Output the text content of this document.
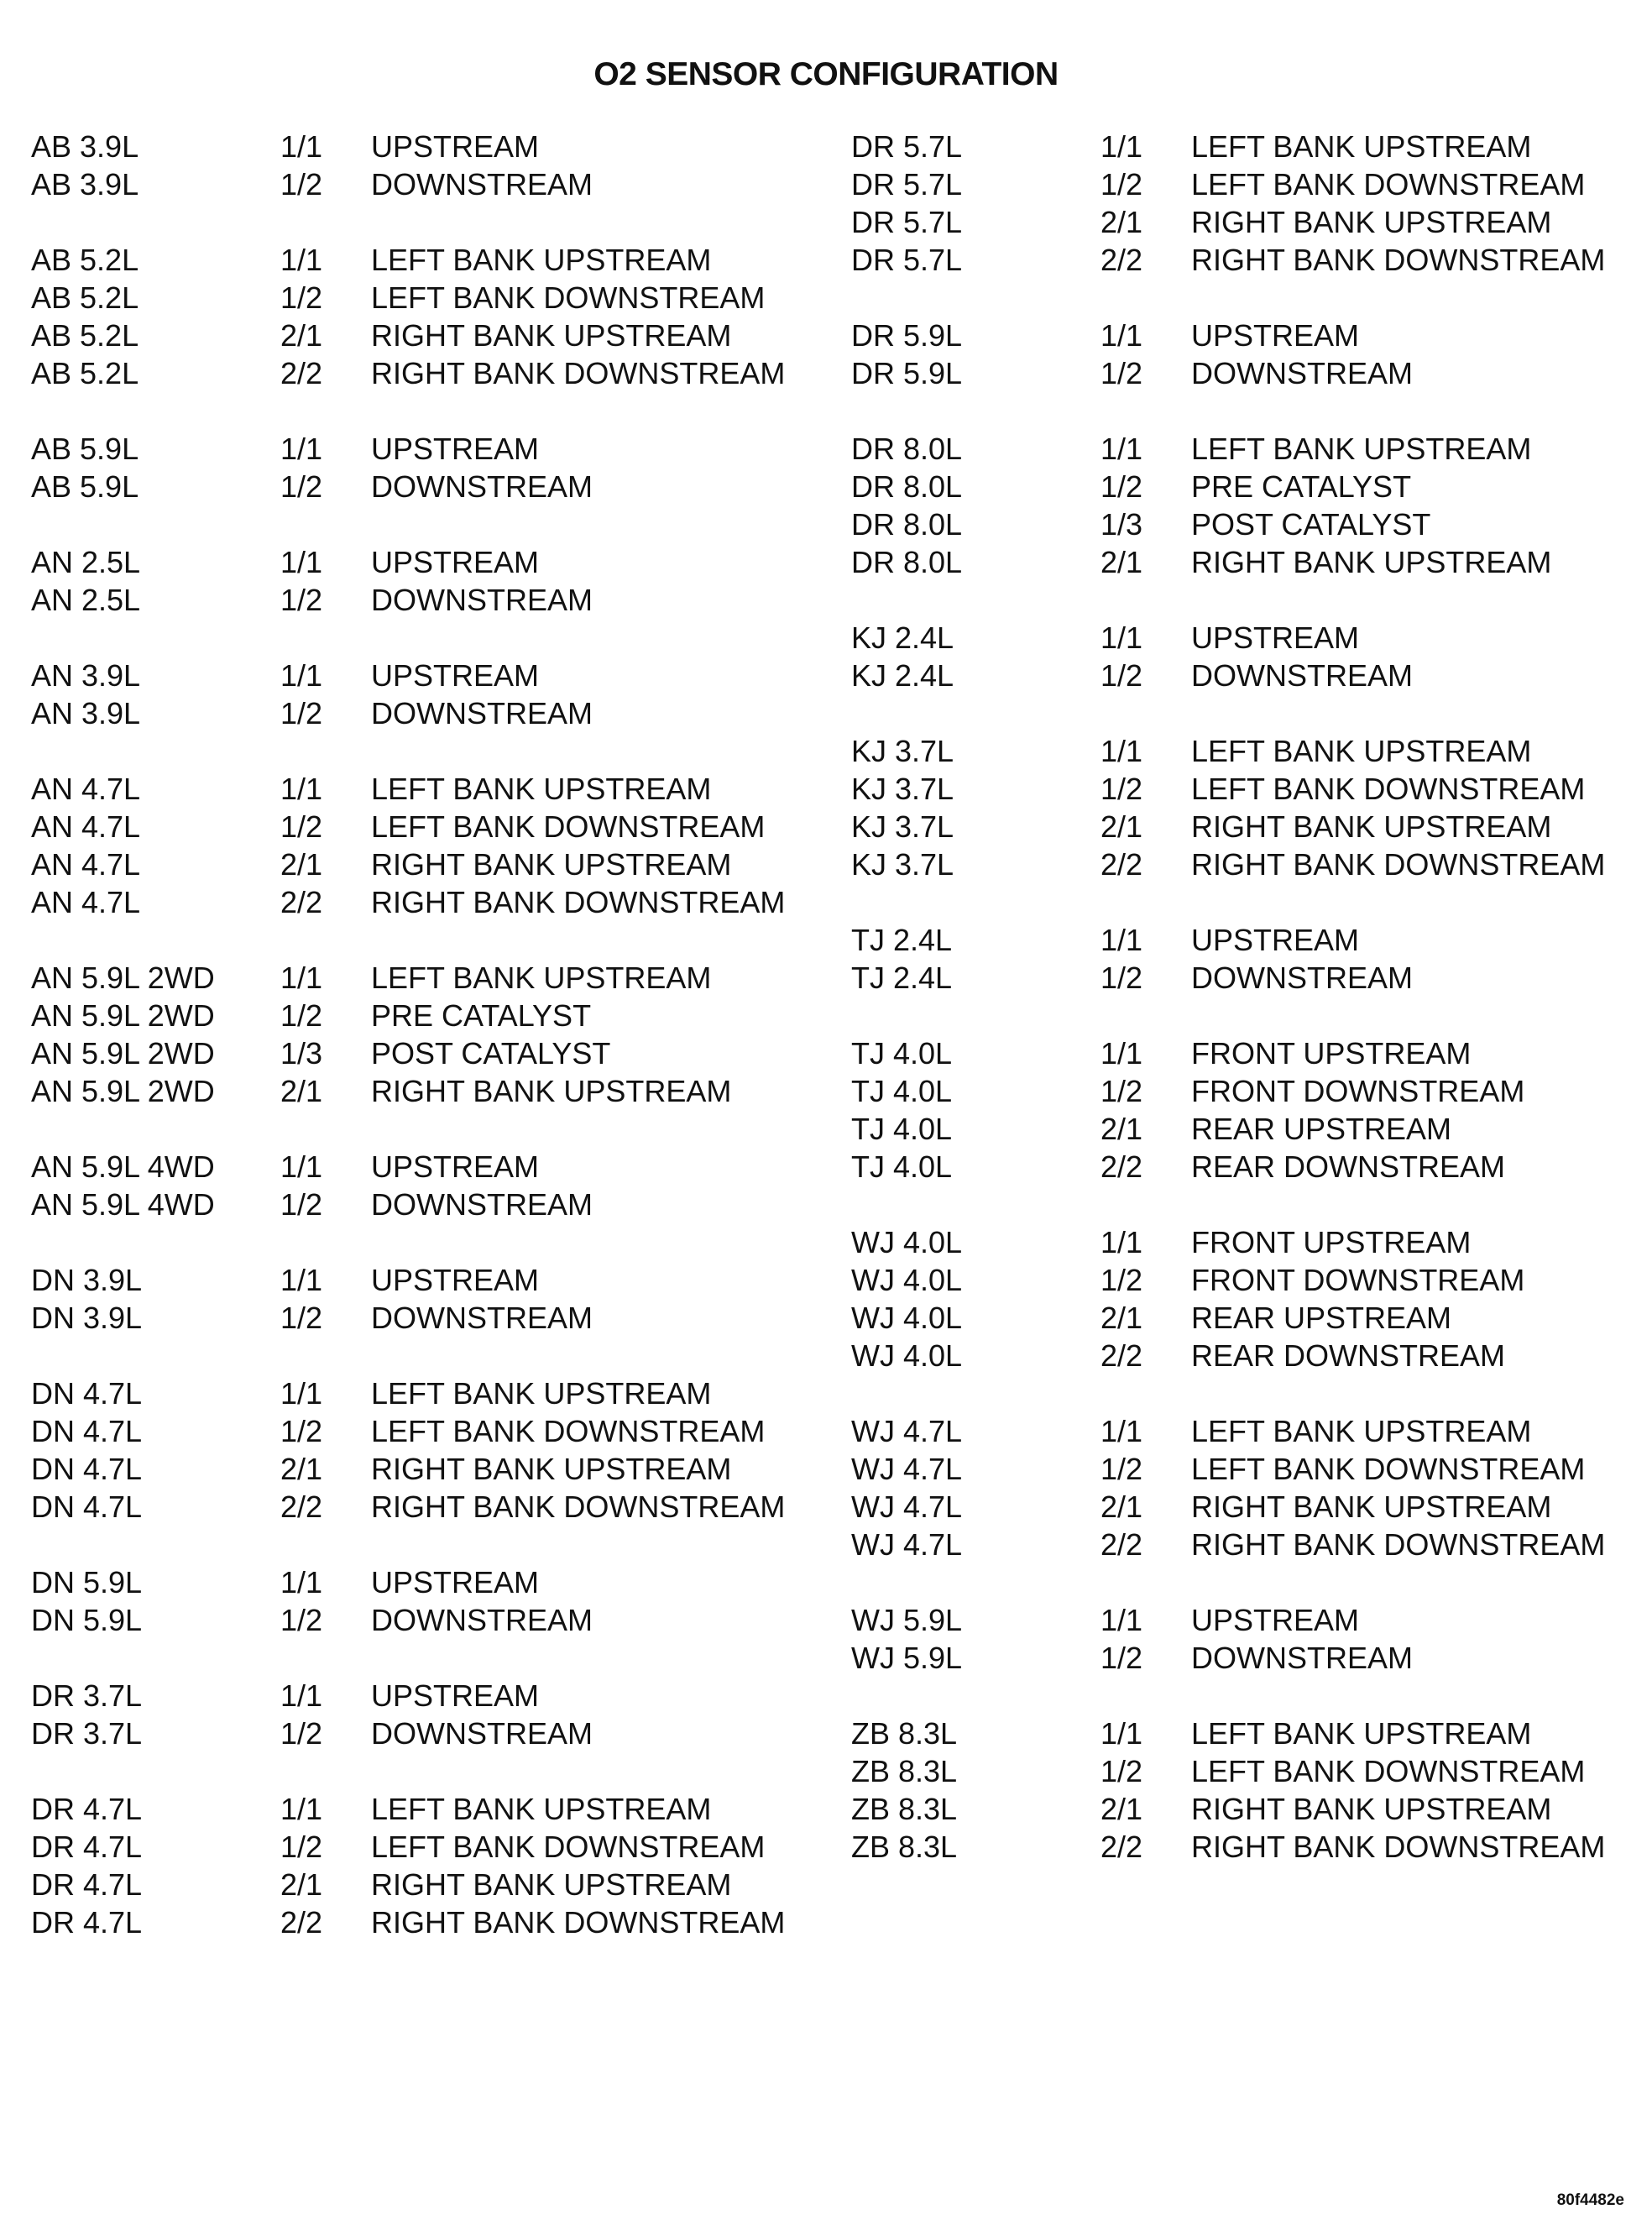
O2 SENSOR CONFIGURATION
AB 3.9L	1/1 UPSTREAM
AB 3.9L	1/2 DOWNSTREAM
AB 5.2L	1/1 LEFT BANK UPSTREAM
AB 5.2L	1/2 LEFT BANK DOWNSTREAM
AB 5.2L	2/1 RIGHT BANK UPSTREAM
AB 5.2L	2/2 RIGHT BANK DOWNSTREAM
AB 5.9L	1/1 UPSTREAM
AB 5.9L	1/2 DOWNSTREAM
AN 2.5L	1/1 UPSTREAM
AN 2.5L	1/2 DOWNSTREAM
AN 3.9L	1/1 UPSTREAM
AN 3.9L	1/2 DOWNSTREAM
AN 4.7L	1/1 LEFT BANK UPSTREAM
AN 4.7L	1/2 LEFT BANK DOWNSTREAM
AN 4.7L	2/1 RIGHT BANK UPSTREAM
AN 4.7L	2/2 RIGHT BANK DOWNSTREAM
AN 5.9L 2WD 1/1 LEFT BANK UPSTREAM
AN 5.9L 2WD 1/2 PRE CATALYST
AN 5.9L 2WD 1/3 POST CATALYST
AN 5.9L 2WD 2/1 RIGHT BANK UPSTREAM
AN 5.9L 4WD 1/1 UPSTREAM
AN 5.9L 4WD 1/2 DOWNSTREAM
DN 3.9L	1/1 UPSTREAM
DN 3.9L	1/2 DOWNSTREAM
DN 4.7L	1/1 LEFT BANK UPSTREAM
DN 4.7L	1/2 LEFT BANK DOWNSTREAM
DN 4.7L	2/1 RIGHT BANK UPSTREAM
DN 4.7L	2/2 RIGHT BANK DOWNSTREAM
DN 5.9L	1/1 UPSTREAM
DN 5.9L	1/2 DOWNSTREAM
DR 3.7L	1/1 UPSTREAM
DR 3.7L	1/2 DOWNSTREAM
DR 4.7L	1/1 LEFT BANK UPSTREAM
DR 4.7L	1/2 LEFT BANK DOWNSTREAM
DR 4.7L	2/1 RIGHT BANK UPSTREAM
DR 4.7L	2/2 RIGHT BANK DOWNSTREAM
DR 5.7L	1/1 LEFT BANK UPSTREAM
DR 5.7L	1/2 LEFT BANK DOWNSTREAM
DR 5.7L	2/1 RIGHT BANK UPSTREAM
DR 5.7L	2/2 RIGHT BANK DOWNSTREAM
DR 5.9L	1/1 UPSTREAM
DR 5.9L	1/2 DOWNSTREAM
DR 8.0L	1/1 LEFT BANK UPSTREAM
DR 8.0L	1/2 PRE CATALYST
DR 8.0L	1/3 POST CATALYST
DR 8.0L	2/1 RIGHT BANK UPSTREAM
KJ 2.4L	1/1 UPSTREAM
KJ 2.4L	1/2 DOWNSTREAM
KJ 3.7L	1/1 LEFT BANK UPSTREAM
KJ 3.7L	1/2 LEFT BANK DOWNSTREAM
KJ 3.7L	2/1 RIGHT BANK UPSTREAM
KJ 3.7L	2/2 RIGHT BANK DOWNSTREAM
TJ 2.4L	1/1 UPSTREAM
TJ 2.4L	1/2 DOWNSTREAM
TJ 4.0L	1/1 FRONT UPSTREAM
TJ 4.0L	1/2 FRONT DOWNSTREAM
TJ 4.0L	2/1 REAR UPSTREAM
TJ 4.0L	2/2 REAR DOWNSTREAM
WJ 4.0L	1/1 FRONT UPSTREAM
WJ 4.0L	1/2 FRONT DOWNSTREAM
WJ 4.0L	2/1 REAR UPSTREAM
WJ 4.0L	2/2 REAR DOWNSTREAM
WJ 4.7L	1/1 LEFT BANK UPSTREAM
WJ 4.7L	1/2 LEFT BANK DOWNSTREAM
WJ 4.7L	2/1 RIGHT BANK UPSTREAM
WJ 4.7L	2/2 RIGHT BANK DOWNSTREAM
WJ 5.9L	1/1 UPSTREAM
WJ 5.9L	1/2 DOWNSTREAM
ZB 8.3L	1/1 LEFT BANK UPSTREAM
ZB 8.3L	1/2 LEFT BANK DOWNSTREAM
ZB 8.3L	2/1 RIGHT BANK UPSTREAM
ZB 8.3L	2/2 RIGHT BANK DOWNSTREAM
80f4482e
